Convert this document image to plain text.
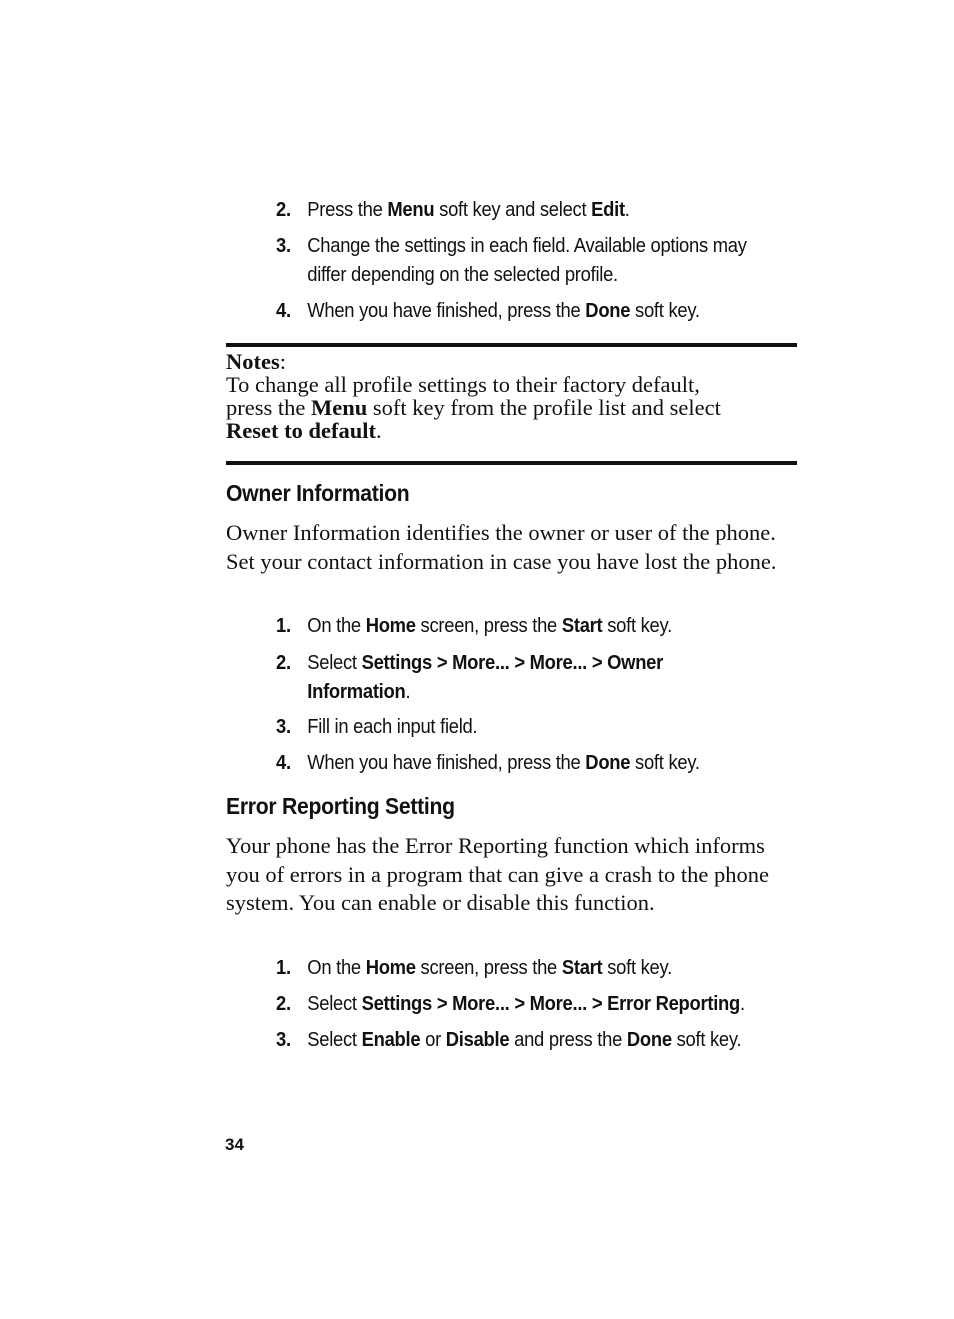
2. Press the Menu soft key and select Edit.
3. Change the settings in each field. Available options may differ depending on the selected profile.
4. When you have finished, press the Done soft key.
Notes:
To change all profile settings to their factory default,
press the Menu soft key from the profile list and select
Reset to default.
Owner Information
Owner Information identifies the owner or user of the phone. Set your contact information in case you have lost the phone.
1. On the Home screen, press the Start soft key.
2. Select Settings > More... > More... > Owner Information.
3. Fill in each input field.
4. When you have finished, press the Done soft key.
Error Reporting Setting
Your phone has the Error Reporting function which informs you of errors in a program that can give a crash to the phone system. You can enable or disable this function.
1. On the Home screen, press the Start soft key.
2. Select Settings > More... > More... > Error Reporting.
3. Select Enable or Disable and press the Done soft key.
34
